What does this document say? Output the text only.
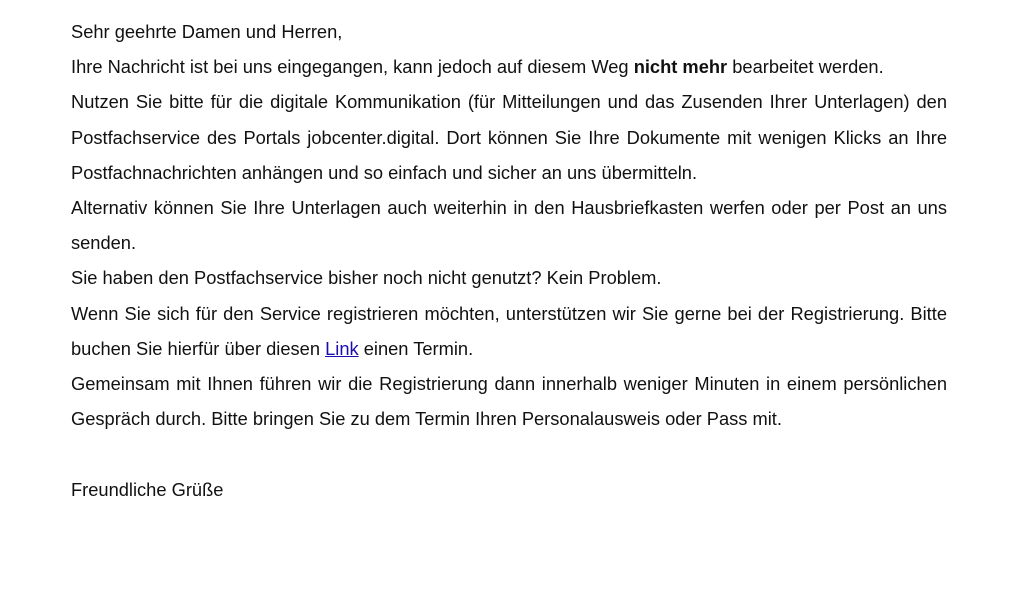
Sehr geehrte Damen und Herren,

Ihre Nachricht ist bei uns eingegangen, kann jedoch auf diesem Weg nicht mehr bearbeitet werden.

Nutzen Sie bitte für die digitale Kommunikation (für Mitteilungen und das Zusenden Ihrer Unterlagen) den Postfachservice des Portals jobcenter.digital. Dort können Sie Ihre Dokumente mit wenigen Klicks an Ihre Postfachnachrichten anhängen und so einfach und sicher an uns übermitteln.

Alternativ können Sie Ihre Unterlagen auch weiterhin in den Hausbriefkasten werfen oder per Post an uns senden.

Sie haben den Postfachservice bisher noch nicht genutzt? Kein Problem.

Wenn Sie sich für den Service registrieren möchten, unterstützen wir Sie gerne bei der Registrierung. Bitte buchen Sie hierfür über diesen Link einen Termin.

Gemeinsam mit Ihnen führen wir die Registrierung dann innerhalb weniger Minuten in einem persönlichen Gespräch durch. Bitte bringen Sie zu dem Termin Ihren Personalausweis oder Pass mit.

Freundliche Grüße
